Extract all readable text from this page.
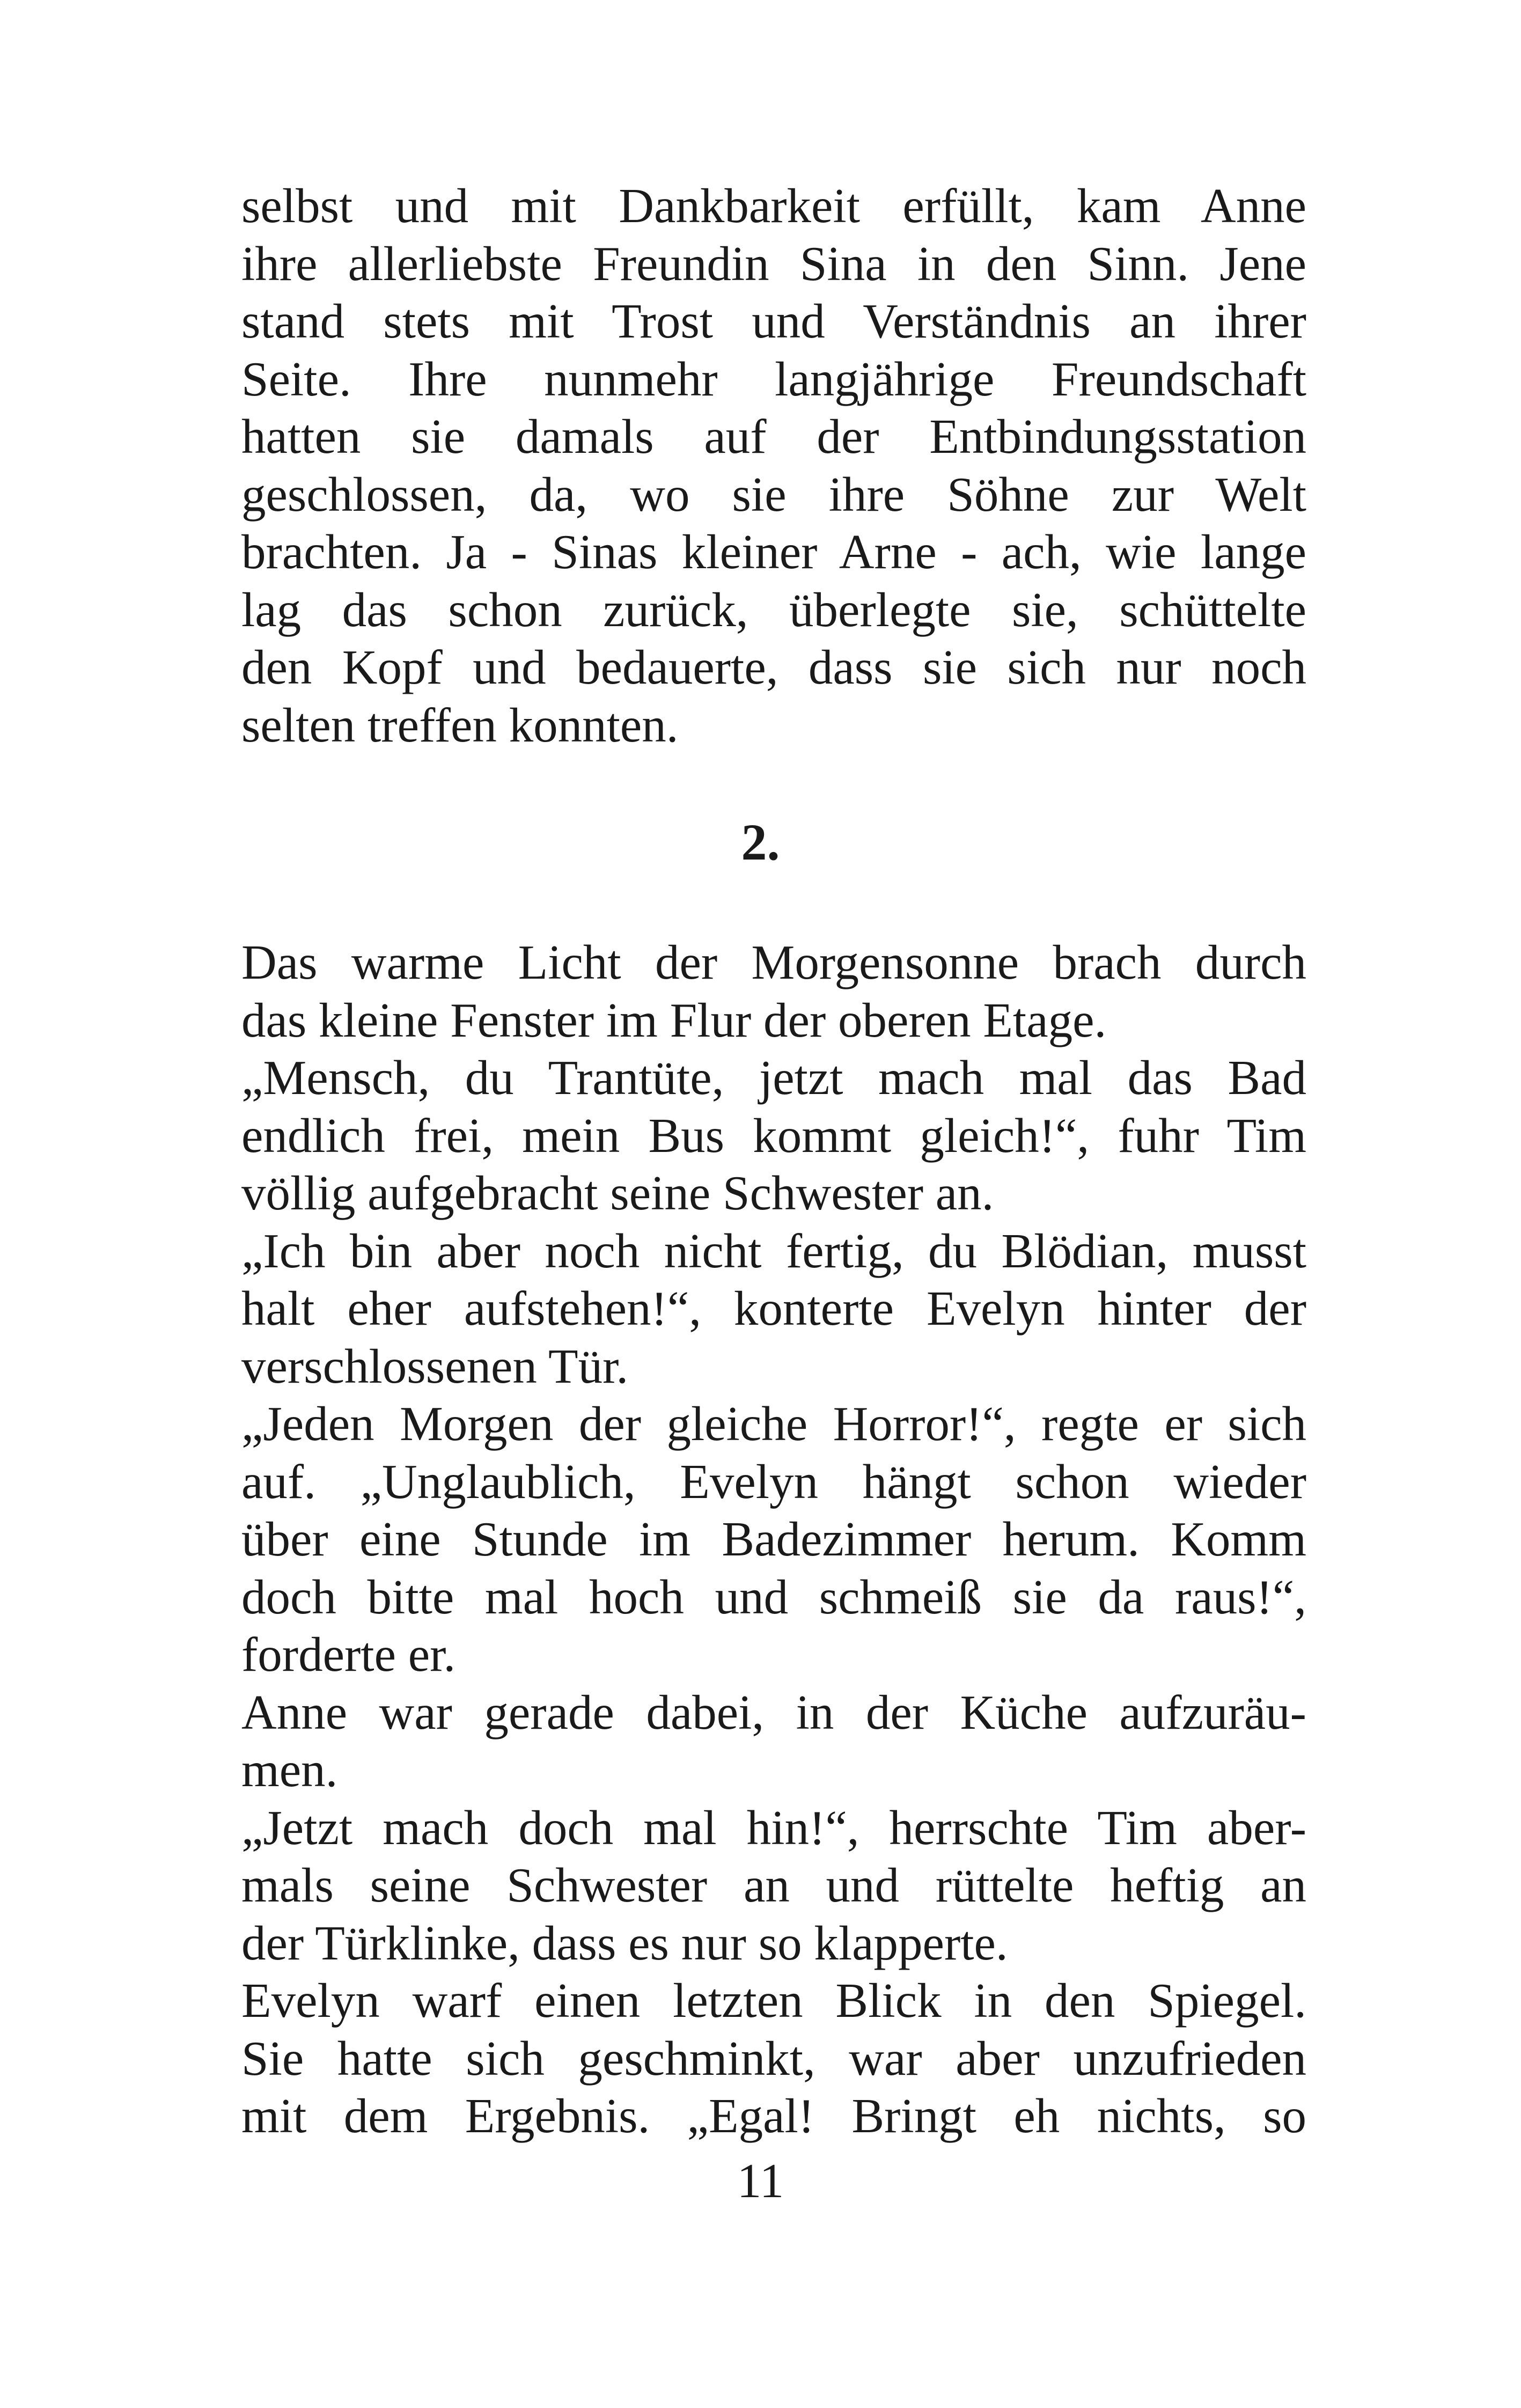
selbst und mit Dankbarkeit erfüllt, kam Anne
ihre allerliebste Freundin Sina in den Sinn. Jene
stand stets mit Trost und Verständnis an ihrer
Seite. Ihre nunmehr langjährige Freundschaft
hatten sie damals auf der Entbindungsstation
geschlossen, da, wo sie ihre Söhne zur Welt
brachten. Ja - Sinas kleiner Arne - ach, wie lange
lag das schon zurück, überlegte sie, schüttelte
den Kopf und bedauerte, dass sie sich nur noch
selten treffen konnten.
2.
Das warme Licht der Morgensonne brach durch
das kleine Fenster im Flur der oberen Etage.
„Mensch, du Trantüte, jetzt mach mal das Bad
endlich frei, mein Bus kommt gleich!“, fuhr Tim
völlig aufgebracht seine Schwester an.
„Ich bin aber noch nicht fertig, du Blödian, musst
halt eher aufstehen!“, konterte Evelyn hinter der
verschlossenen Tür.
„Jeden Morgen der gleiche Horror!“, regte er sich
auf. „Unglaublich, Evelyn hängt schon wieder
über eine Stunde im Badezimmer herum. Komm
doch bitte mal hoch und schmeiß sie da raus!“,
forderte er.
Anne war gerade dabei, in der Küche aufzuräu-
men.
„Jetzt mach doch mal hin!“, herrschte Tim aber-
mals seine Schwester an und rüttelte heftig an
der Türklinke, dass es nur so klapperte.
Evelyn warf einen letzten Blick in den Spiegel.
Sie hatte sich geschminkt, war aber unzufrieden
mit dem Ergebnis. „Egal! Bringt eh nichts, so
11
